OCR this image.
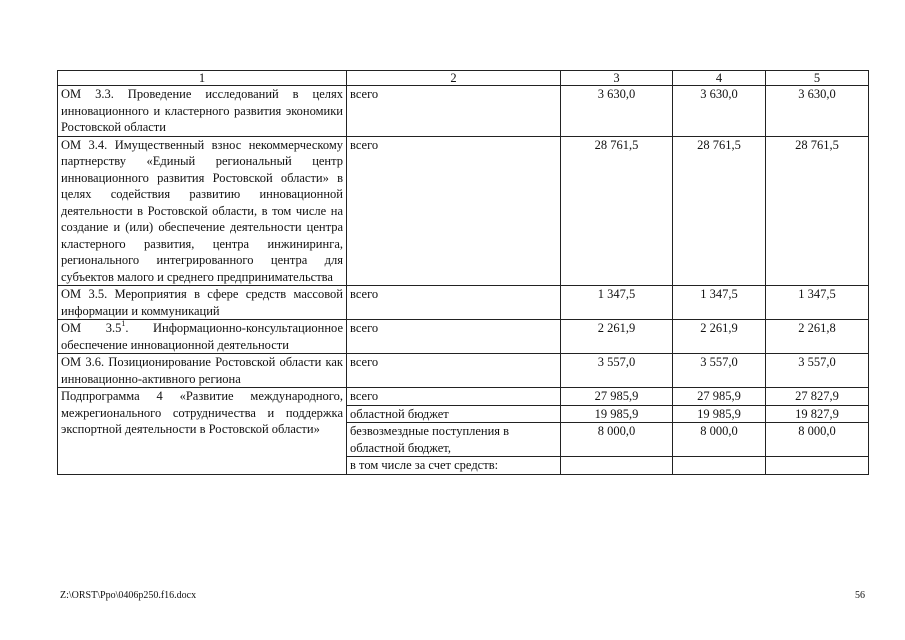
1	2	3	4	5
ОМ 3.3. Проведение исследований в целях инновационного и кластерного развития экономики Ростовской области	всего	3 630,0	3 630,0	3 630,0
ОМ 3.4. Имущественный взнос некоммерческому партнерству «Единый региональный центр инновационного развития Ростовской области» в целях содействия развитию инновационной деятельности в Ростовской области, в том числе на создание и (или) обеспечение деятельности центра кластерного развития, центра инжиниринга, регионального интегрированного центра для субъектов малого и среднего предпринимательства	всего	28 761,5	28 761,5	28 761,5
ОМ 3.5. Мероприятия в сфере средств массовой информации и коммуникаций	всего	1 347,5	1 347,5	1 347,5
ОМ $3.5^1$. Информационно-консультационное обеспечение инновационной деятельности	всего	2 261,9	2 261,9	2 261,8
ОМ 3.6. Позиционирование Ростовской области как инновационно-активного региона	всего	3 557,0	3 557,0	3 557,0
Подпрограмма 4 «Развитие международного, межрегионального сотрудничества и поддержка экспортной деятельности в Ростовской области»	всего	27 985,9	27 985,9	27 827,9
	областной бюджет	19 985,9	19 985,9	19 827,9
	безвозмездные поступления в областной бюджет,	8 000,0	8 000,0	8 000,0
	в том числе за счет средств:			
Z:\ORST\Ppo\0406p250.f16.docx	56
